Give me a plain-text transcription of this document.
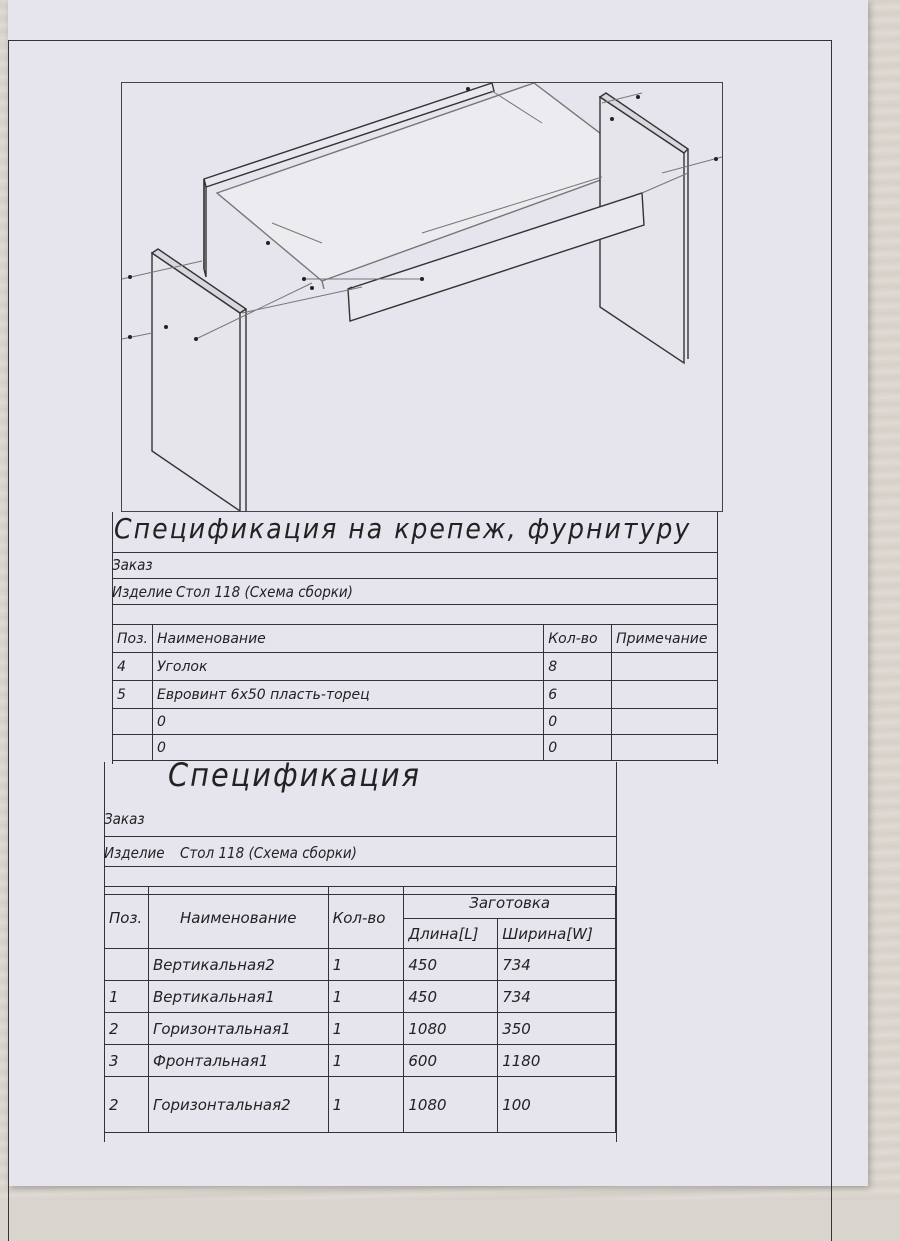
Спецификация на крепеж, фурнитуру
Заказ
Изделие Стол 118 (Схема сборки)
Поз.	Наименование	Кол-во	Примечание
4	Уголок	8	
5	Евровинт 6х50 пласть-торец	6	
	0	0	
	0	0	
Спецификация
Заказ
Изделие Стол 118 (Схема сборки)
Поз.	Наименование	Кол-во	Заготовка	
			Длина[L]	Ширина[W]
	Вертикальная2	1	450	734
1	Вертикальная1	1	450	734
2	Горизонтальная1	1	1080	350
3	Фронтальная1	1	600	1180
2	Горизонтальная2	1	1080	100
